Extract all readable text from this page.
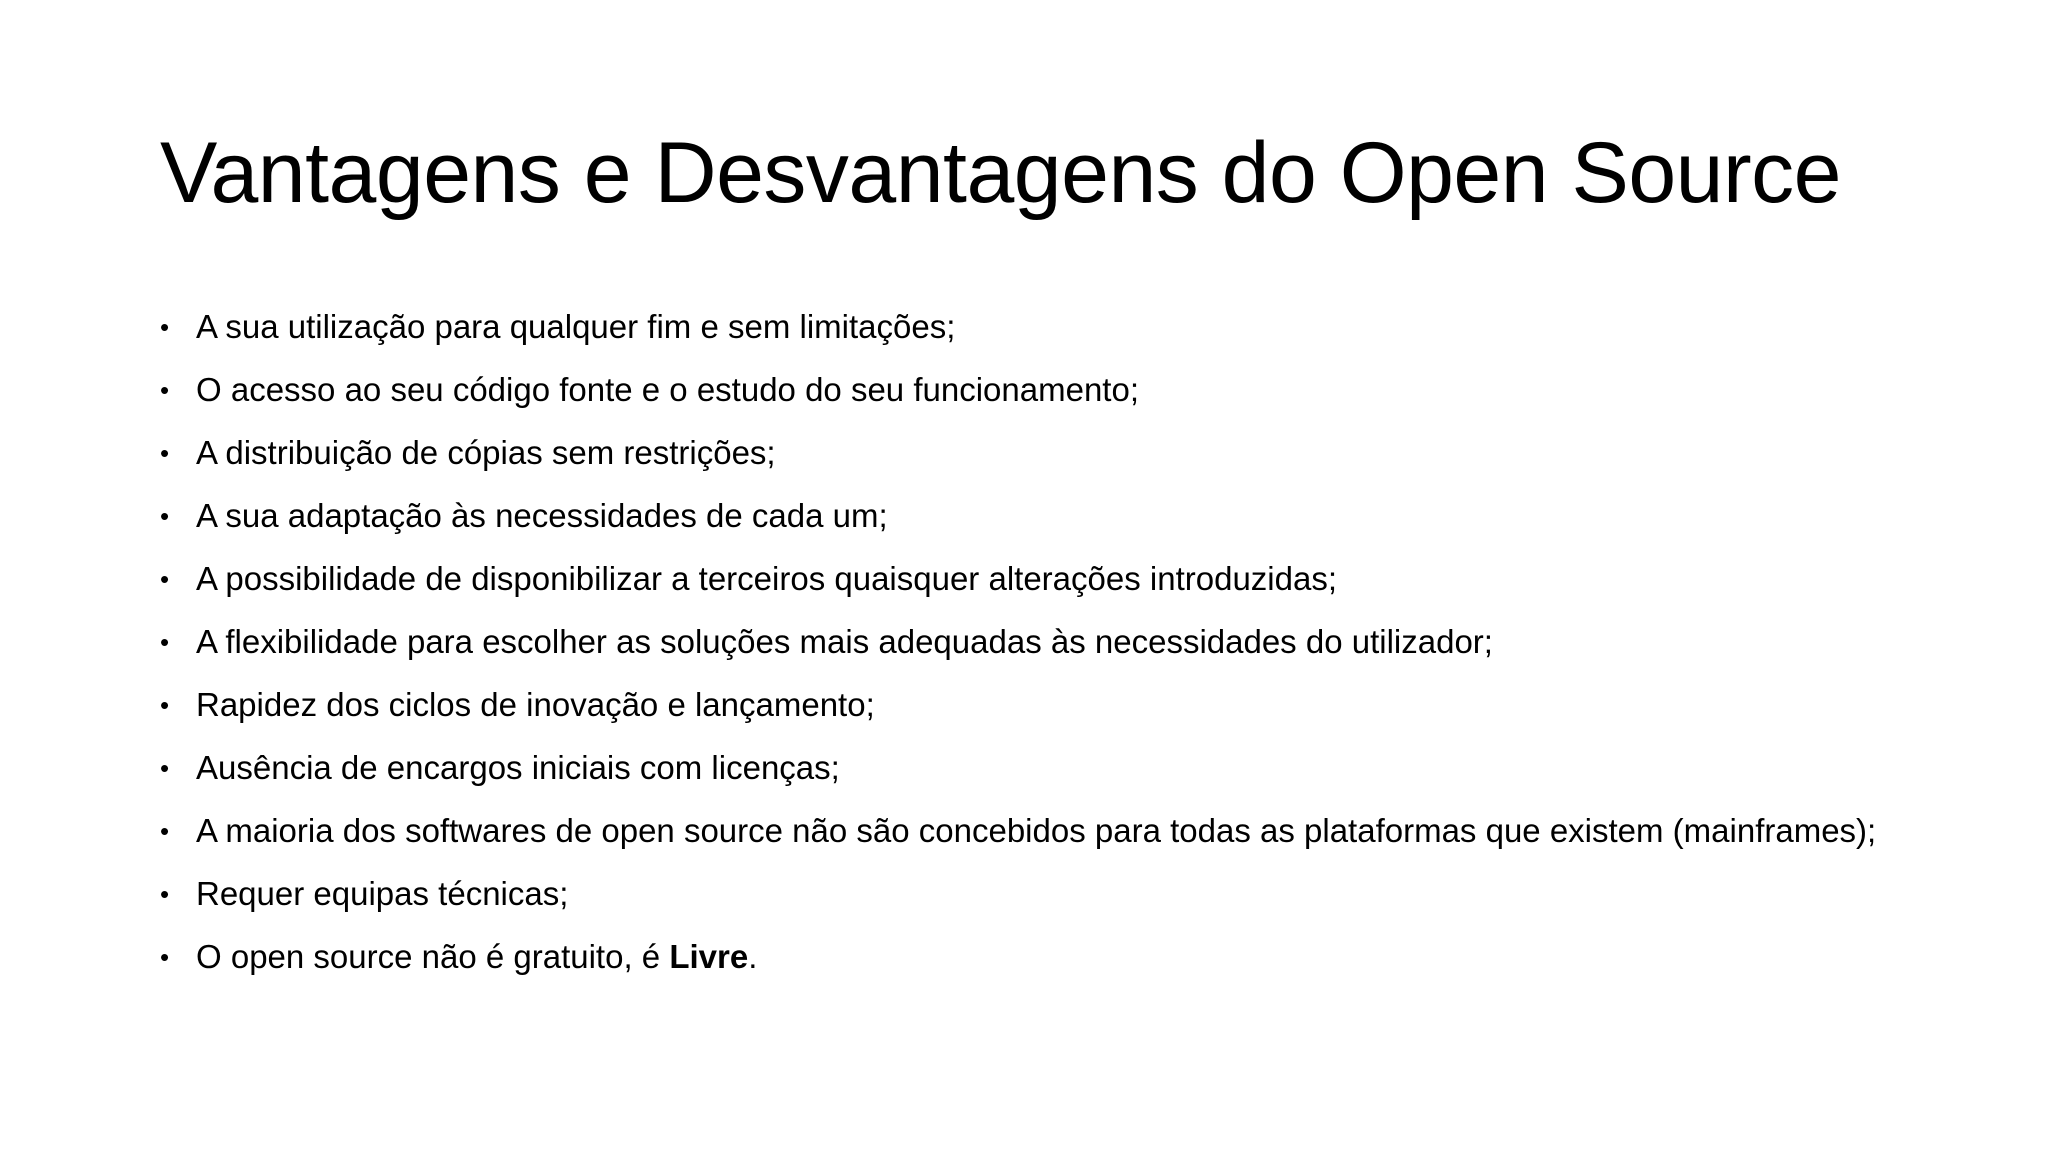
Vantagens e Desvantagens do Open Source
• A sua utilização para qualquer fim e sem limitações;
• O acesso ao seu código fonte e o estudo do seu funcionamento;
• A distribuição de cópias sem restrições;
• A sua adaptação às necessidades de cada um;
• A possibilidade de disponibilizar a terceiros quaisquer alterações introduzidas;
• A flexibilidade para escolher as soluções mais adequadas às necessidades do utilizador;
• Rapidez dos ciclos de inovação e lançamento;
• Ausência de encargos iniciais com licenças;
• A maioria dos softwares de open source não são concebidos para todas as plataformas que existem (mainframes);
• Requer equipas técnicas;
• O open source não é gratuito, é Livre.
